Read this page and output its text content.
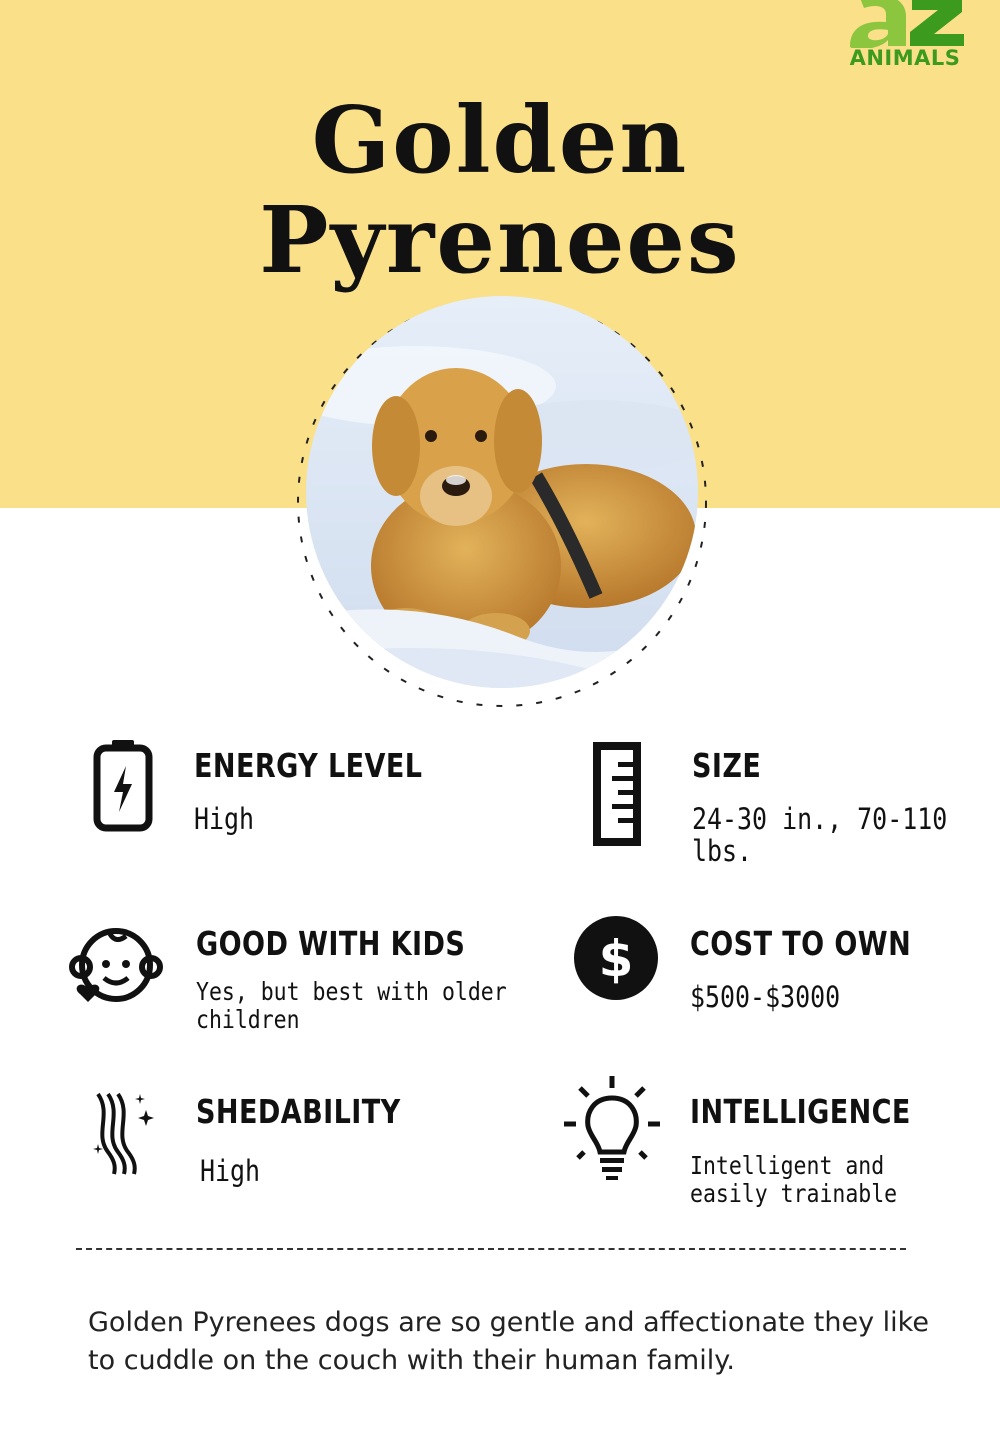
ANIMALS
Golden
Pyrenees
ENERGY LEVEL
High
SIZE
24-30 in., 70-110
lbs.
GOOD WITH KIDS
Yes, but best with older
children
$ COST TO OWN
$500-$3000
SHEDABILITY
High
INTELLIGENCE
Intelligent and
easily trainable

Golden Pyrenees dogs are so gentle and affectionate they like to cuddle on the couch with their human family.
